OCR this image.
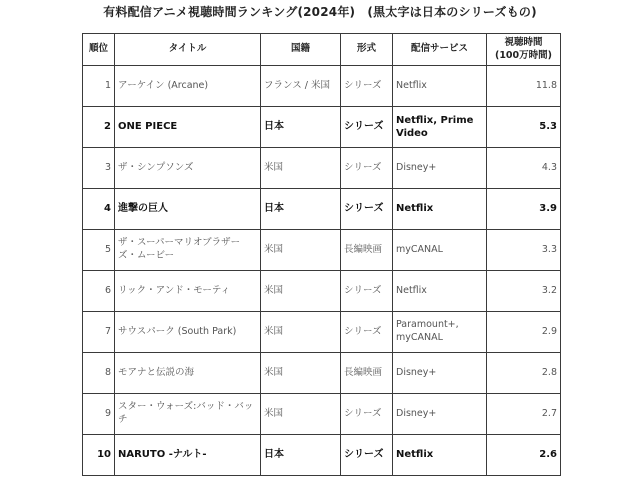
有料配信アニメ視聴時間ランキング(2024年)　(黒太字は日本のシリーズもの)
順位	タイトル	国籍	形式	配信サービス	視聴時間
(100万時間)

1	アーケイン (Arcane)	フランス / 米国	シリーズ	Netflix	11.8
2	ONE PIECE	日本	シリーズ	Netflix, Prime Video	5.3
3	ザ・シンプソンズ	米国	シリーズ	Disney+	4.3
4	進撃の巨人	日本	シリーズ	Netflix	3.9
5	ザ・スーパーマリオブラザーズ・ムービー	米国	長編映画	myCANAL	3.3
6	リック・アンド・モーティ	米国	シリーズ	Netflix	3.2
7	サウスパーク (South Park)	米国	シリーズ	Paramount+, myCANAL	2.9
8	モアナと伝説の海	米国	長編映画	Disney+	2.8
9	スター・ウォーズ:バッド・バッチ	米国	シリーズ	Disney+	2.7
10	NARUTO -ナルト-	日本	シリーズ	Netflix	2.6
